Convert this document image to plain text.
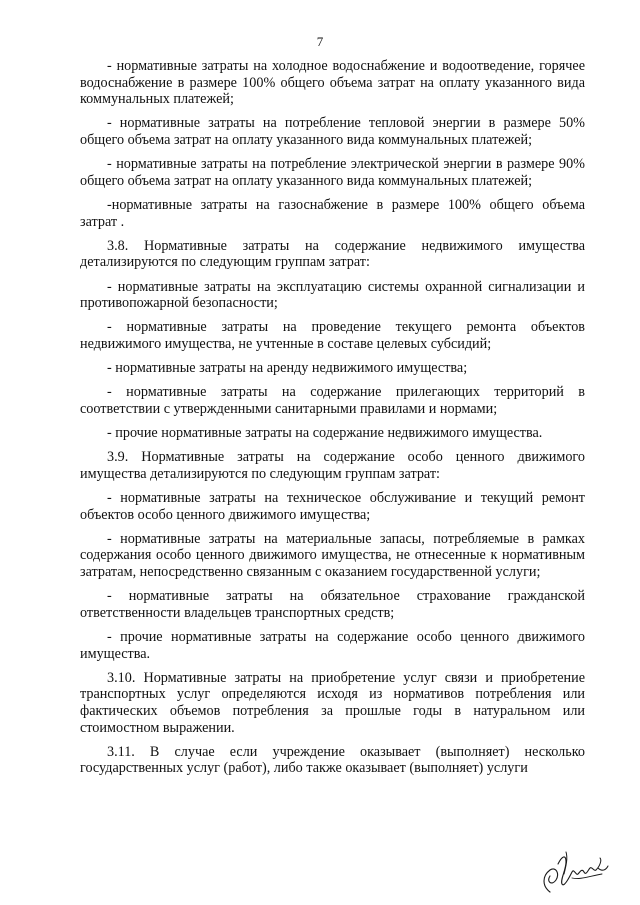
7

- нормативные затраты на холодное водоснабжение и водоотведение, горячее водоснабжение в размере 100% общего объема затрат на оплату указанного вида коммунальных платежей;

- нормативные затраты на потребление тепловой энергии в размере 50% общего объема затрат на оплату указанного вида коммунальных платежей;

- нормативные затраты на потребление электрической энергии в размере 90% общего объема затрат на оплату указанного вида коммунальных платежей;

-нормативные затраты на газоснабжение в размере 100% общего объема затрат .

3.8. Нормативные затраты на содержание недвижимого имущества детализируются по следующим группам затрат:

- нормативные затраты на эксплуатацию системы охранной сигнализации и противопожарной безопасности;

- нормативные затраты на проведение текущего ремонта объектов недвижимого имущества, не учтенные в составе целевых субсидий;

- нормативные затраты на аренду недвижимого имущества;

- нормативные затраты на содержание прилегающих территорий в соответствии с утвержденными санитарными правилами и нормами;

- прочие нормативные затраты на содержание недвижимого имущества.

3.9. Нормативные затраты на содержание особо ценного движимого имущества детализируются по следующим группам затрат:

- нормативные затраты на техническое обслуживание и текущий ремонт объектов особо ценного движимого имущества;

- нормативные затраты на материальные запасы, потребляемые в рамках содержания особо ценного движимого имущества, не отнесенные к нормативным затратам, непосредственно связанным с оказанием государственной услуги;

- нормативные затраты на обязательное страхование гражданской ответственности владельцев транспортных средств;

- прочие нормативные затраты на содержание особо ценного движимого имущества.

3.10. Нормативные затраты на приобретение услуг связи и приобретение транспортных услуг определяются исходя из нормативов потребления или фактических объемов потребления за прошлые годы в натуральном или стоимостном выражении.

3.11. В случае если учреждение оказывает (выполняет) несколько государственных услуг (работ), либо также оказывает (выполняет) услуги
